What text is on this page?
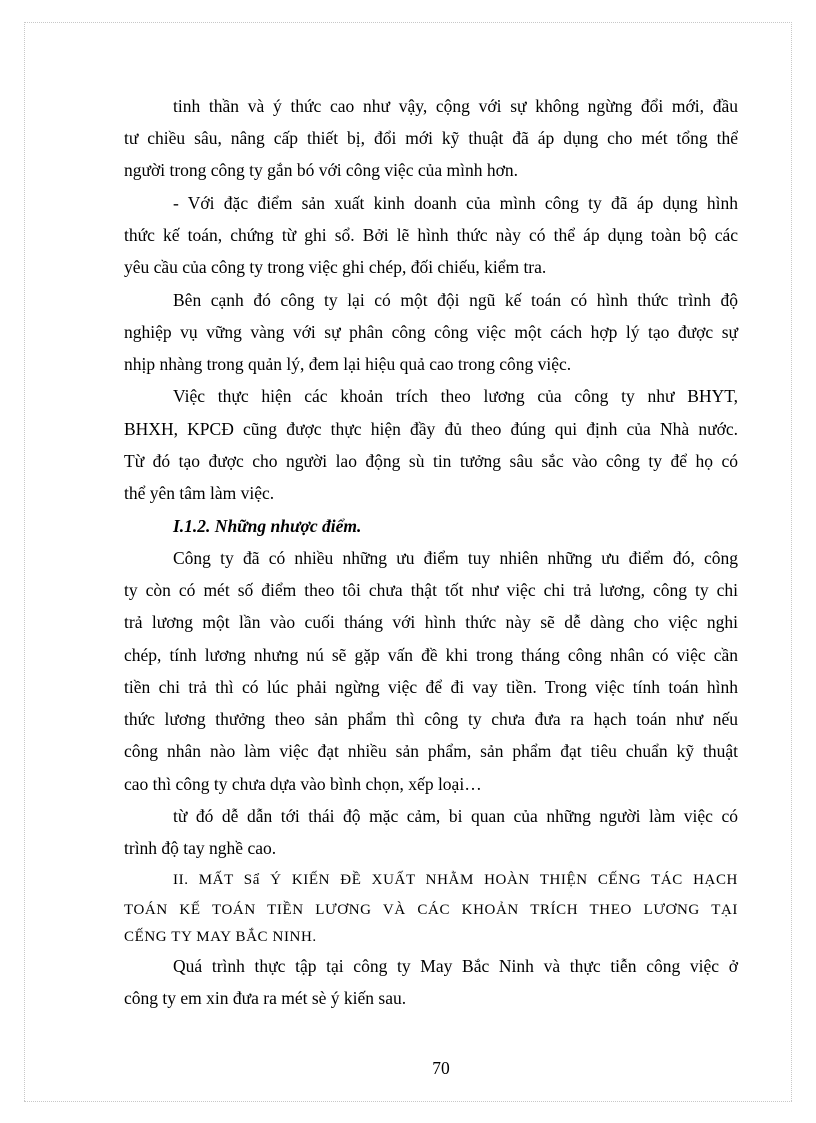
tinh thần và ý thức cao như vậy, cộng với sự không ngừng đổi mới, đầu
tư chiều sâu, nâng cấp thiết bị, đổi mới kỹ thuật đã áp dụng cho mét tổng thể
người trong công ty gắn bó với công việc của mình hơn.
- Với đặc điểm sản xuất kinh doanh của mình công ty đã áp dụng hình
thức kế toán, chứng từ ghi sổ. Bởi lẽ hình thức này có thể áp dụng toàn bộ các
yêu cầu của công ty trong việc ghi chép, đối chiếu, kiểm tra.
Bên cạnh đó công ty lại có một đội ngũ kế toán có hình thức trình độ
nghiệp vụ vững vàng với sự phân công công việc một cách hợp lý tạo được sự
nhịp nhàng trong quản lý, đem lại hiệu quả cao trong công việc.
Việc thực hiện các khoản trích theo lương của công ty như BHYT,
BHXH, KPCĐ cũng được thực hiện đầy đủ theo đúng qui định của Nhà nước.
Từ đó tạo được cho người lao động sù tin tưởng sâu sắc vào công ty để họ có
thể yên tâm làm việc.
I.1.2. Những nhược điểm.
Công ty đã có nhiều những ưu điểm tuy nhiên những ưu điểm đó, công
ty còn có mét số điểm theo tôi chưa thật tốt như việc chi trả lương, công ty chi
trả lương một lần vào cuối tháng với hình thức này sẽ dễ dàng cho việc nghi
chép, tính lương nhưng nú sẽ gặp vấn đề khi trong tháng công nhân có việc cần
tiền chi trả thì có lúc phải ngừng việc để đi vay tiền. Trong việc tính toán hình
thức lương thưởng theo sản phẩm thì công ty chưa đưa ra hạch toán như nếu
công nhân nào làm việc đạt nhiều sản phẩm, sản phẩm đạt tiêu chuẩn kỹ thuật
cao thì công ty chưa dựa vào bình chọn, xếp loại…
từ đó dễ dẫn tới thái độ mặc cảm, bi quan của những người làm việc có
trình độ tay nghề cao.
II. MẤT Sẩ Ý KIẾN ĐỀ XUẤT NHẰM HOÀN THIỆN CẾNG TÁC HẠCH
TOÁN KẾ TOÁN TIỀN LƯƠNG VÀ CÁC KHOẢN TRÍCH THEO LƯƠNG TẠI
CẾNG TY MAY BẮC NINH.
Quá trình thực tập tại công ty May Bắc Ninh và thực tiễn công việc ở
công ty em xin đưa ra mét sè ý kiến sau.
70
